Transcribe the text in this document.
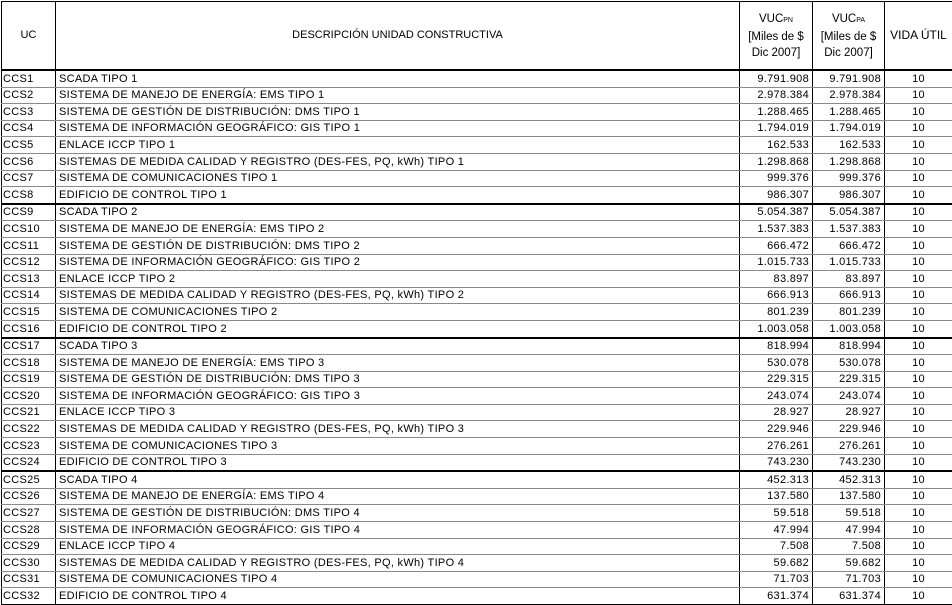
UC	DESCRIPCIÓN UNIDAD CONSTRUCTIVA	VUCPN
[Miles de $
Dic 2007]	VUCPA
[Miles de $
Dic 2007]	VIDA ÚTIL
CCS1	SCADA TIPO 1	9.791.908	9.791.908	10
CCS2	SISTEMA DE MANEJO DE ENERGÍA: EMS TIPO 1	2.978.384	2.978.384	10
CCS3	SISTEMA DE GESTIÓN DE DISTRIBUCIÓN: DMS TIPO 1	1.288.465	1.288.465	10
CCS4	SISTEMA DE INFORMACIÓN GEOGRÁFICO: GIS TIPO 1	1.794.019	1.794.019	10
CCS5	ENLACE ICCP TIPO 1	162.533	162.533	10
CCS6	SISTEMAS DE MEDIDA CALIDAD Y REGISTRO (DES-FES, PQ, kWh) TIPO 1	1.298.868	1.298.868	10
CCS7	SISTEMA DE COMUNICACIONES TIPO 1	999.376	999.376	10
CCS8	EDIFICIO DE CONTROL TIPO 1	986.307	986.307	10
CCS9	SCADA TIPO 2	5.054.387	5.054.387	10
CCS10	SISTEMA DE MANEJO DE ENERGÍA: EMS TIPO 2	1.537.383	1.537.383	10
CCS11	SISTEMA DE GESTIÓN DE DISTRIBUCIÓN: DMS TIPO 2	666.472	666.472	10
CCS12	SISTEMA DE INFORMACIÓN GEOGRÁFICO: GIS TIPO 2	1.015.733	1.015.733	10
CCS13	ENLACE ICCP TIPO 2	83.897	83.897	10
CCS14	SISTEMAS DE MEDIDA CALIDAD Y REGISTRO (DES-FES, PQ, kWh) TIPO 2	666.913	666.913	10
CCS15	SISTEMA DE COMUNICACIONES TIPO 2	801.239	801.239	10
CCS16	EDIFICIO DE CONTROL TIPO 2	1.003.058	1.003.058	10
CCS17	SCADA TIPO 3	818.994	818.994	10
CCS18	SISTEMA DE MANEJO DE ENERGÍA: EMS TIPO 3	530.078	530.078	10
CCS19	SISTEMA DE GESTIÓN DE DISTRIBUCIÓN: DMS TIPO 3	229.315	229.315	10
CCS20	SISTEMA DE INFORMACIÓN GEOGRÁFICO: GIS TIPO 3	243.074	243.074	10
CCS21	ENLACE ICCP TIPO 3	28.927	28.927	10
CCS22	SISTEMAS DE MEDIDA CALIDAD Y REGISTRO (DES-FES, PQ, kWh) TIPO 3	229.946	229.946	10
CCS23	SISTEMA DE COMUNICACIONES TIPO 3	276.261	276.261	10
CCS24	EDIFICIO DE CONTROL TIPO 3	743.230	743.230	10
CCS25	SCADA TIPO 4	452.313	452.313	10
CCS26	SISTEMA DE MANEJO DE ENERGÍA: EMS TIPO 4	137.580	137.580	10
CCS27	SISTEMA DE GESTIÓN DE DISTRIBUCIÓN: DMS TIPO 4	59.518	59.518	10
CCS28	SISTEMA DE INFORMACIÓN GEOGRÁFICO: GIS TIPO 4	47.994	47.994	10
CCS29	ENLACE ICCP TIPO 4	7.508	7.508	10
CCS30	SISTEMAS DE MEDIDA CALIDAD Y REGISTRO (DES-FES, PQ, kWh) TIPO 4	59.682	59.682	10
CCS31	SISTEMA DE COMUNICACIONES TIPO 4	71.703	71.703	10
CCS32	EDIFICIO DE CONTROL TIPO 4	631.374	631.374	10
